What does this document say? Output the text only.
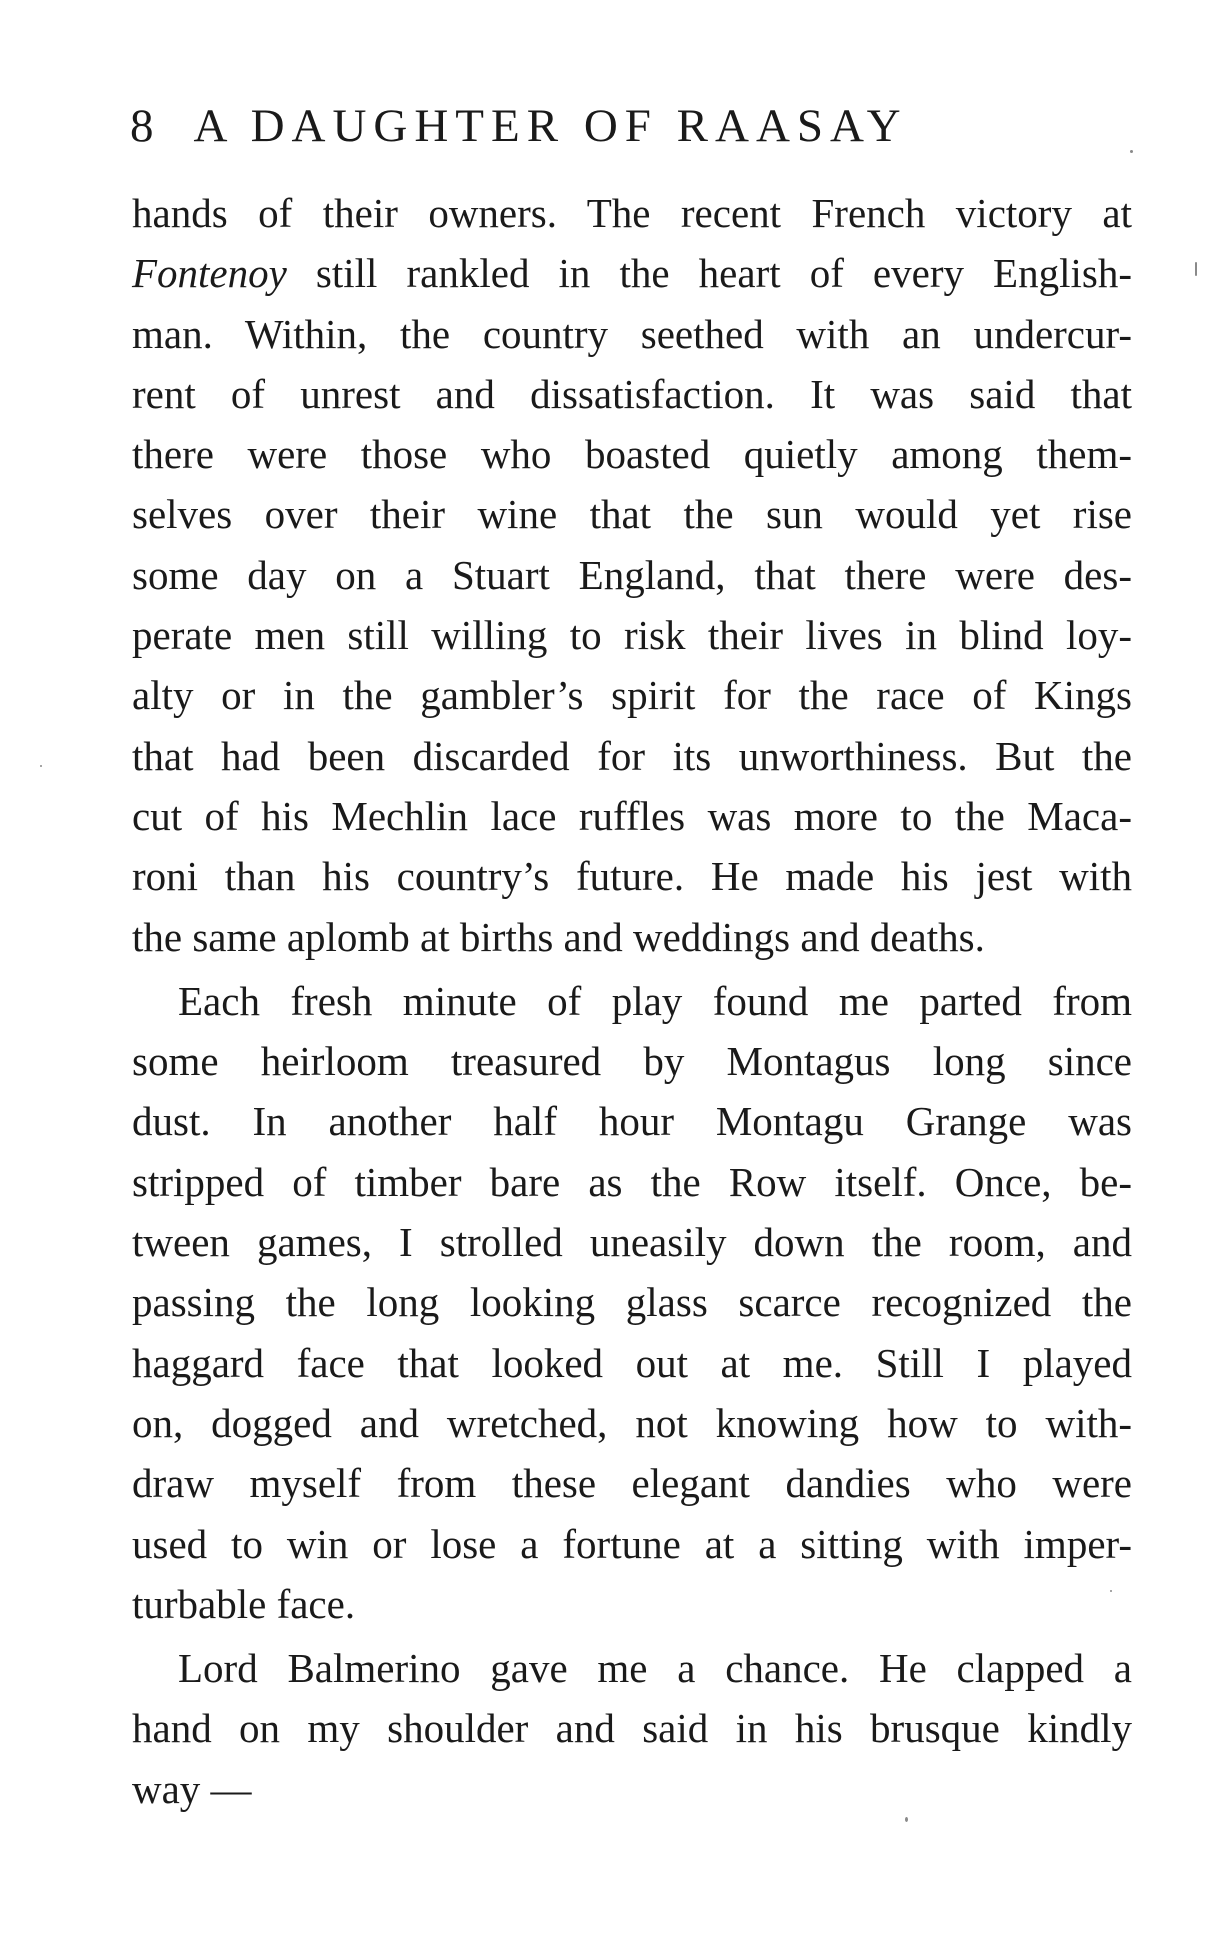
8 A DAUGHTER OF RAASAY
hands of their owners. The recent French victory at
Fontenoy still rankled in the heart of every English-
man. Within, the country seethed with an undercur-
rent of unrest and dissatisfaction. It was said that
there were those who boasted quietly among them-
selves over their wine that the sun would yet rise
some day on a Stuart England, that there were des-
perate men still willing to risk their lives in blind loy-
alty or in the gambler’s spirit for the race of Kings
that had been discarded for its unworthiness. But the
cut of his Mechlin lace ruffles was more to the Maca-
roni than his country’s future. He made his jest with
the same aplomb at births and weddings and deaths.
Each fresh minute of play found me parted from
some heirloom treasured by Montagus long since
dust. In another half hour Montagu Grange was
stripped of timber bare as the Row itself. Once, be-
tween games, I strolled uneasily down the room, and
passing the long looking glass scarce recognized the
haggard face that looked out at me. Still I played
on, dogged and wretched, not knowing how to with-
draw myself from these elegant dandies who were
used to win or lose a fortune at a sitting with imper-
turbable face.
Lord Balmerino gave me a chance. He clapped a
hand on my shoulder and said in his brusque kindly
way —
